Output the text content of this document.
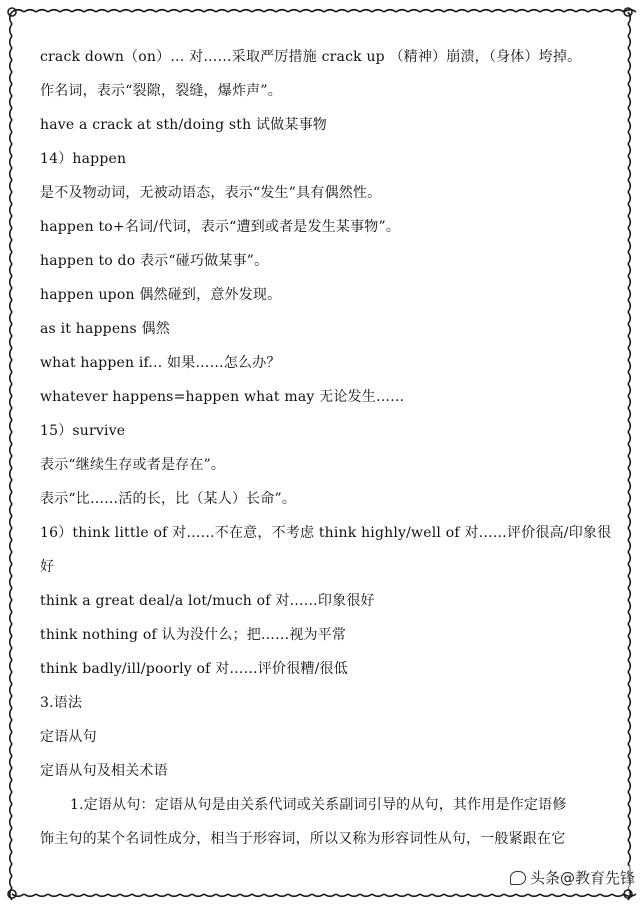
crack down（on）… 对……采取严厉措施 crack up （精神）崩溃，（身体）垮掉。
作名词，表示“裂隙，裂缝，爆炸声”。
have a crack at sth/doing sth 试做某事物
14）happen
是不及物动词，无被动语态，表示“发生”具有偶然性。
happen to+名词/代词，表示“遭到或者是发生某事物”。
happen to do 表示“碰巧做某事”。
happen upon 偶然碰到，意外发现。
as it happens 偶然
what happen if... 如果……怎么办？
whatever happens=happen what may 无论发生……
15）survive
表示“继续生存或者是存在”。
表示“比……活的长，比（某人）长命”。
16）think little of 对……不在意，不考虑 think highly/well of 对……评价很高/印象很
好
think a great deal/a lot/much of 对……印象很好
think nothing of 认为没什么；把……视为平常
think badly/ill/poorly of 对……评价很糟/很低
3.语法
定语从句
定语从句及相关术语
1.定语从句：定语从句是由关系代词或关系副词引导的从句，其作用是作定语修
饰主句的某个名词性成分，相当于形容词，所以又称为形容词性从句，一般紧跟在它
头条@教育先锋
